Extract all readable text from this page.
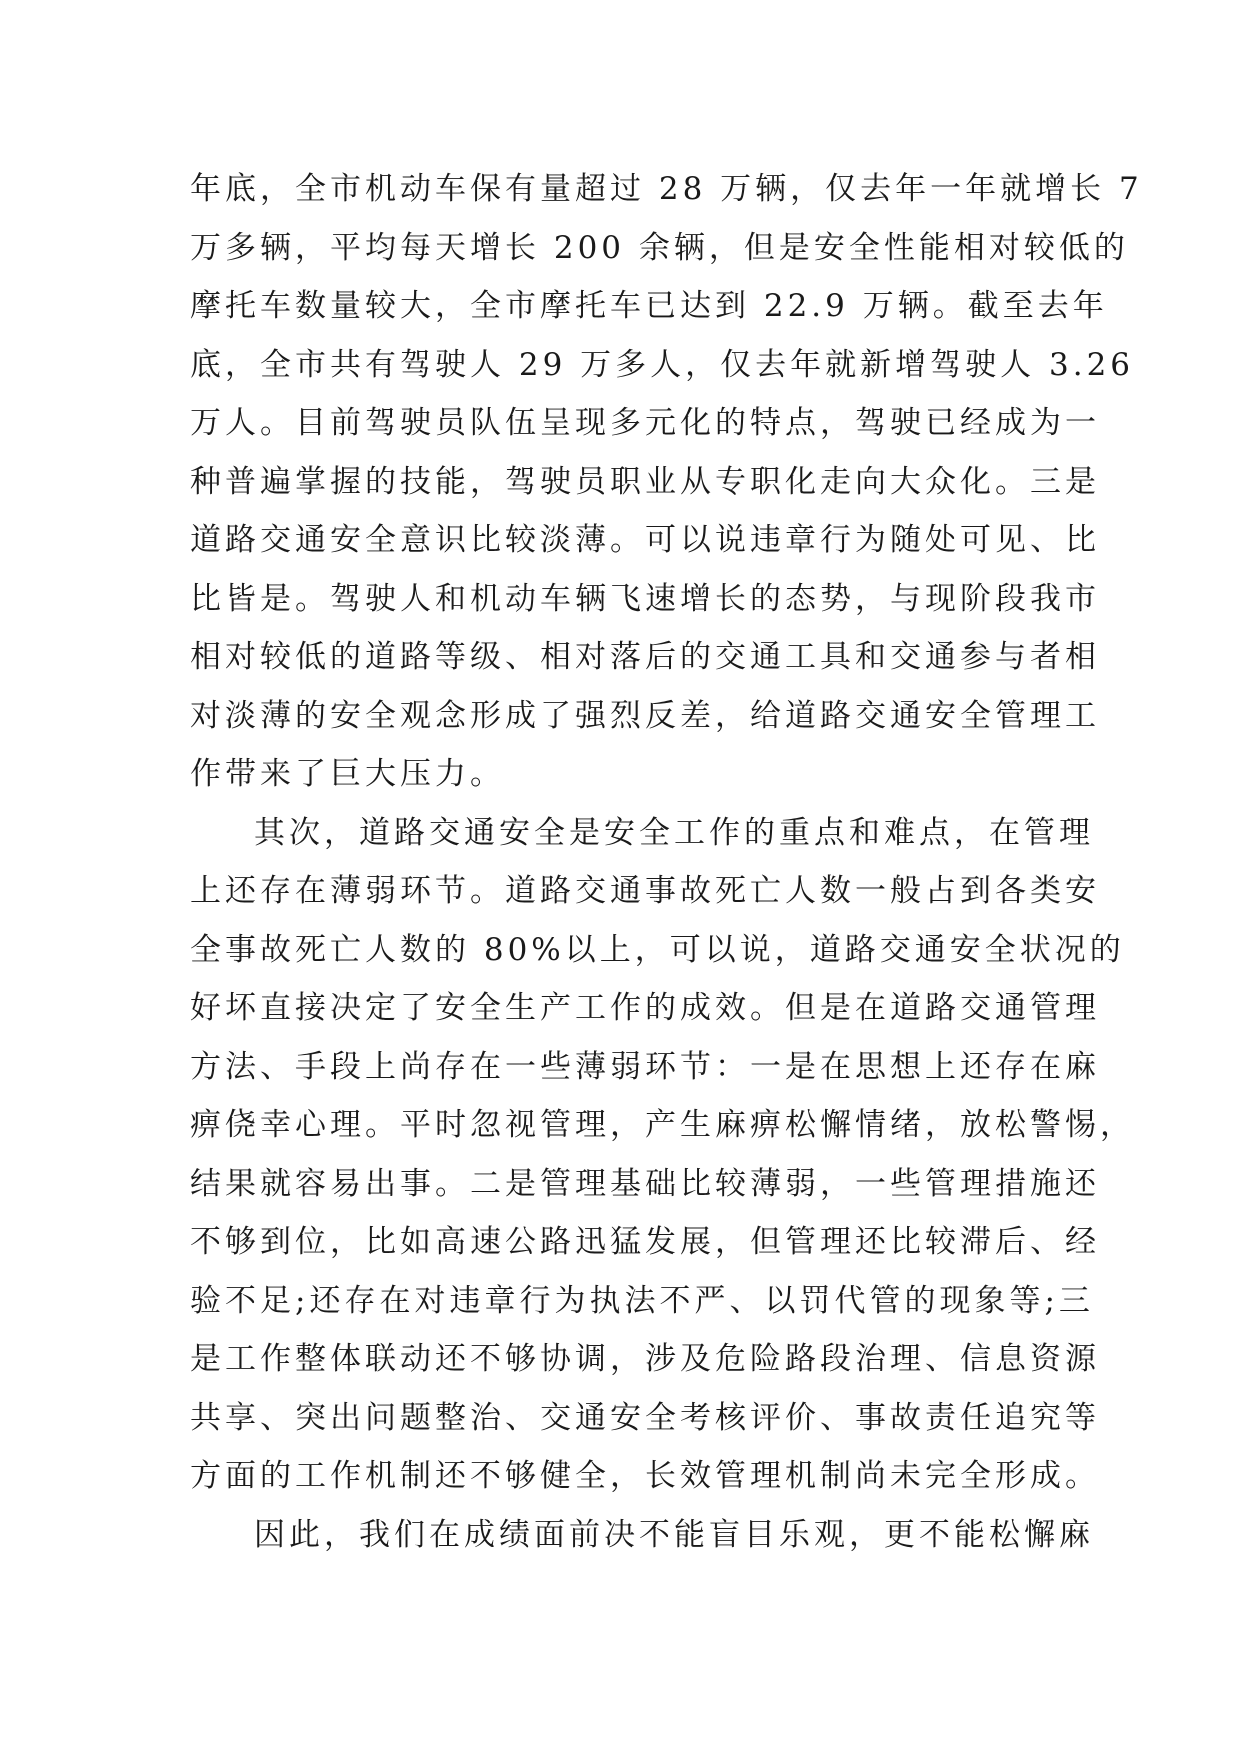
年底，全市机动车保有量超过 28 万辆，仅去年一年就增长 7
万多辆，平均每天增长 200 余辆，但是安全性能相对较低的
摩托车数量较大，全市摩托车已达到 22.9 万辆。截至去年
底，全市共有驾驶人 29 万多人，仅去年就新增驾驶人 3.26
万人。目前驾驶员队伍呈现多元化的特点，驾驶已经成为一
种普遍掌握的技能，驾驶员职业从专职化走向大众化。三是
道路交通安全意识比较淡薄。可以说违章行为随处可见、比
比皆是。驾驶人和机动车辆飞速增长的态势，与现阶段我市
相对较低的道路等级、相对落后的交通工具和交通参与者相
对淡薄的安全观念形成了强烈反差，给道路交通安全管理工
作带来了巨大压力。

其次，道路交通安全是安全工作的重点和难点，在管理
上还存在薄弱环节。道路交通事故死亡人数一般占到各类安
全事故死亡人数的 80%以上，可以说，道路交通安全状况的
好坏直接决定了安全生产工作的成效。但是在道路交通管理
方法、手段上尚存在一些薄弱环节：一是在思想上还存在麻
痹侥幸心理。平时忽视管理，产生麻痹松懈情绪，放松警惕，
结果就容易出事。二是管理基础比较薄弱，一些管理措施还
不够到位，比如高速公路迅猛发展，但管理还比较滞后、经
验不足;还存在对违章行为执法不严、以罚代管的现象等;三
是工作整体联动还不够协调，涉及危险路段治理、信息资源
共享、突出问题整治、交通安全考核评价、事故责任追究等
方面的工作机制还不够健全，长效管理机制尚未完全形成。

因此，我们在成绩面前决不能盲目乐观，更不能松懈麻
